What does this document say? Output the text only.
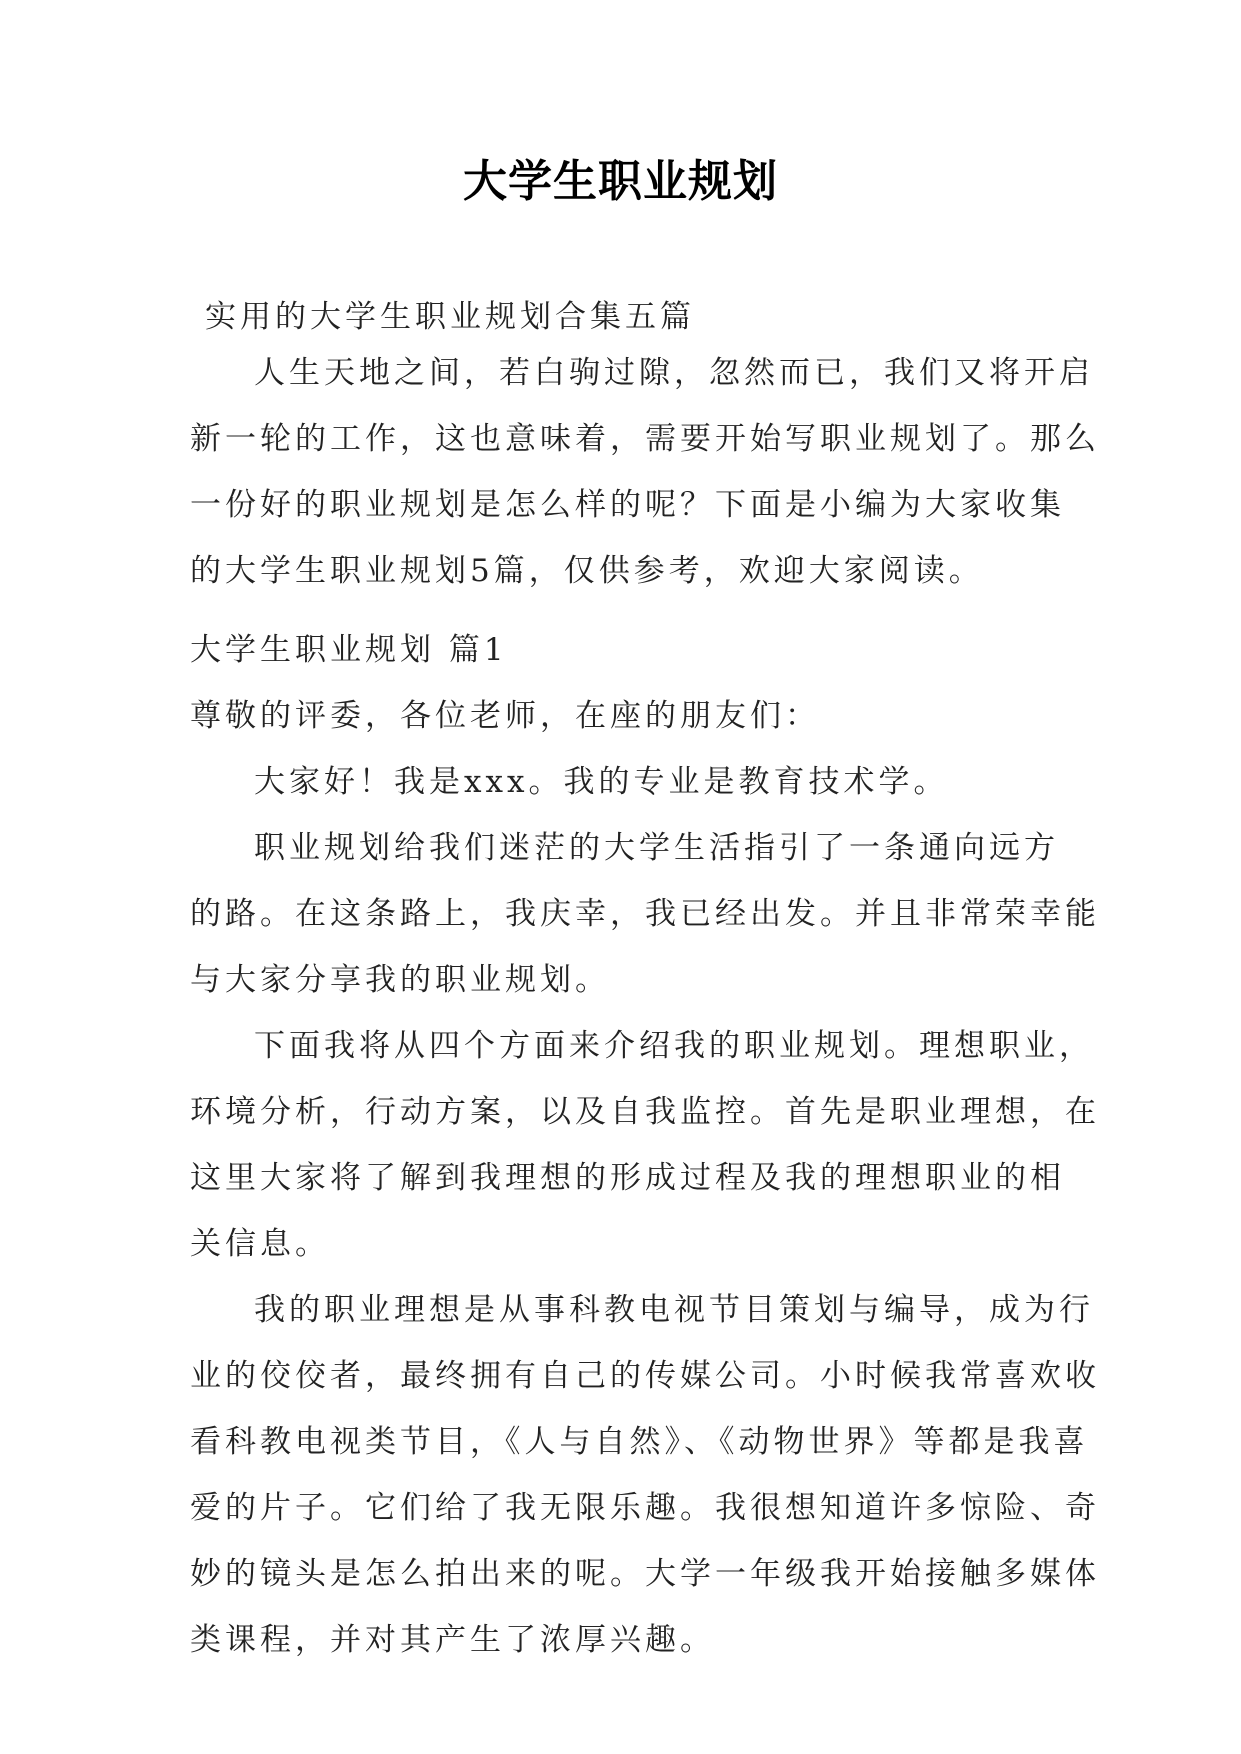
大学生职业规划
实用的大学生职业规划合集五篇
人生天地之间，若白驹过隙，忽然而已，我们又将开启
新一轮的工作，这也意味着，需要开始写职业规划了。那么
一份好的职业规划是怎么样的呢？下面是小编为大家收集
的大学生职业规划5篇，仅供参考，欢迎大家阅读。
大学生职业规划 篇1
尊敬的评委，各位老师，在座的朋友们：
大家好！我是xxx。我的专业是教育技术学。
职业规划给我们迷茫的大学生活指引了一条通向远方
的路。在这条路上，我庆幸，我已经出发。并且非常荣幸能
与大家分享我的职业规划。
下面我将从四个方面来介绍我的职业规划。理想职业，
环境分析，行动方案，以及自我监控。首先是职业理想，在
这里大家将了解到我理想的形成过程及我的理想职业的相
关信息。
我的职业理想是从事科教电视节目策划与编导，成为行
业的佼佼者，最终拥有自己的传媒公司。小时候我常喜欢收
看科教电视类节目，《人与自然》、《动物世界》等都是我喜
爱的片子。它们给了我无限乐趣。我很想知道许多惊险、奇
妙的镜头是怎么拍出来的呢。大学一年级我开始接触多媒体
类课程，并对其产生了浓厚兴趣。
